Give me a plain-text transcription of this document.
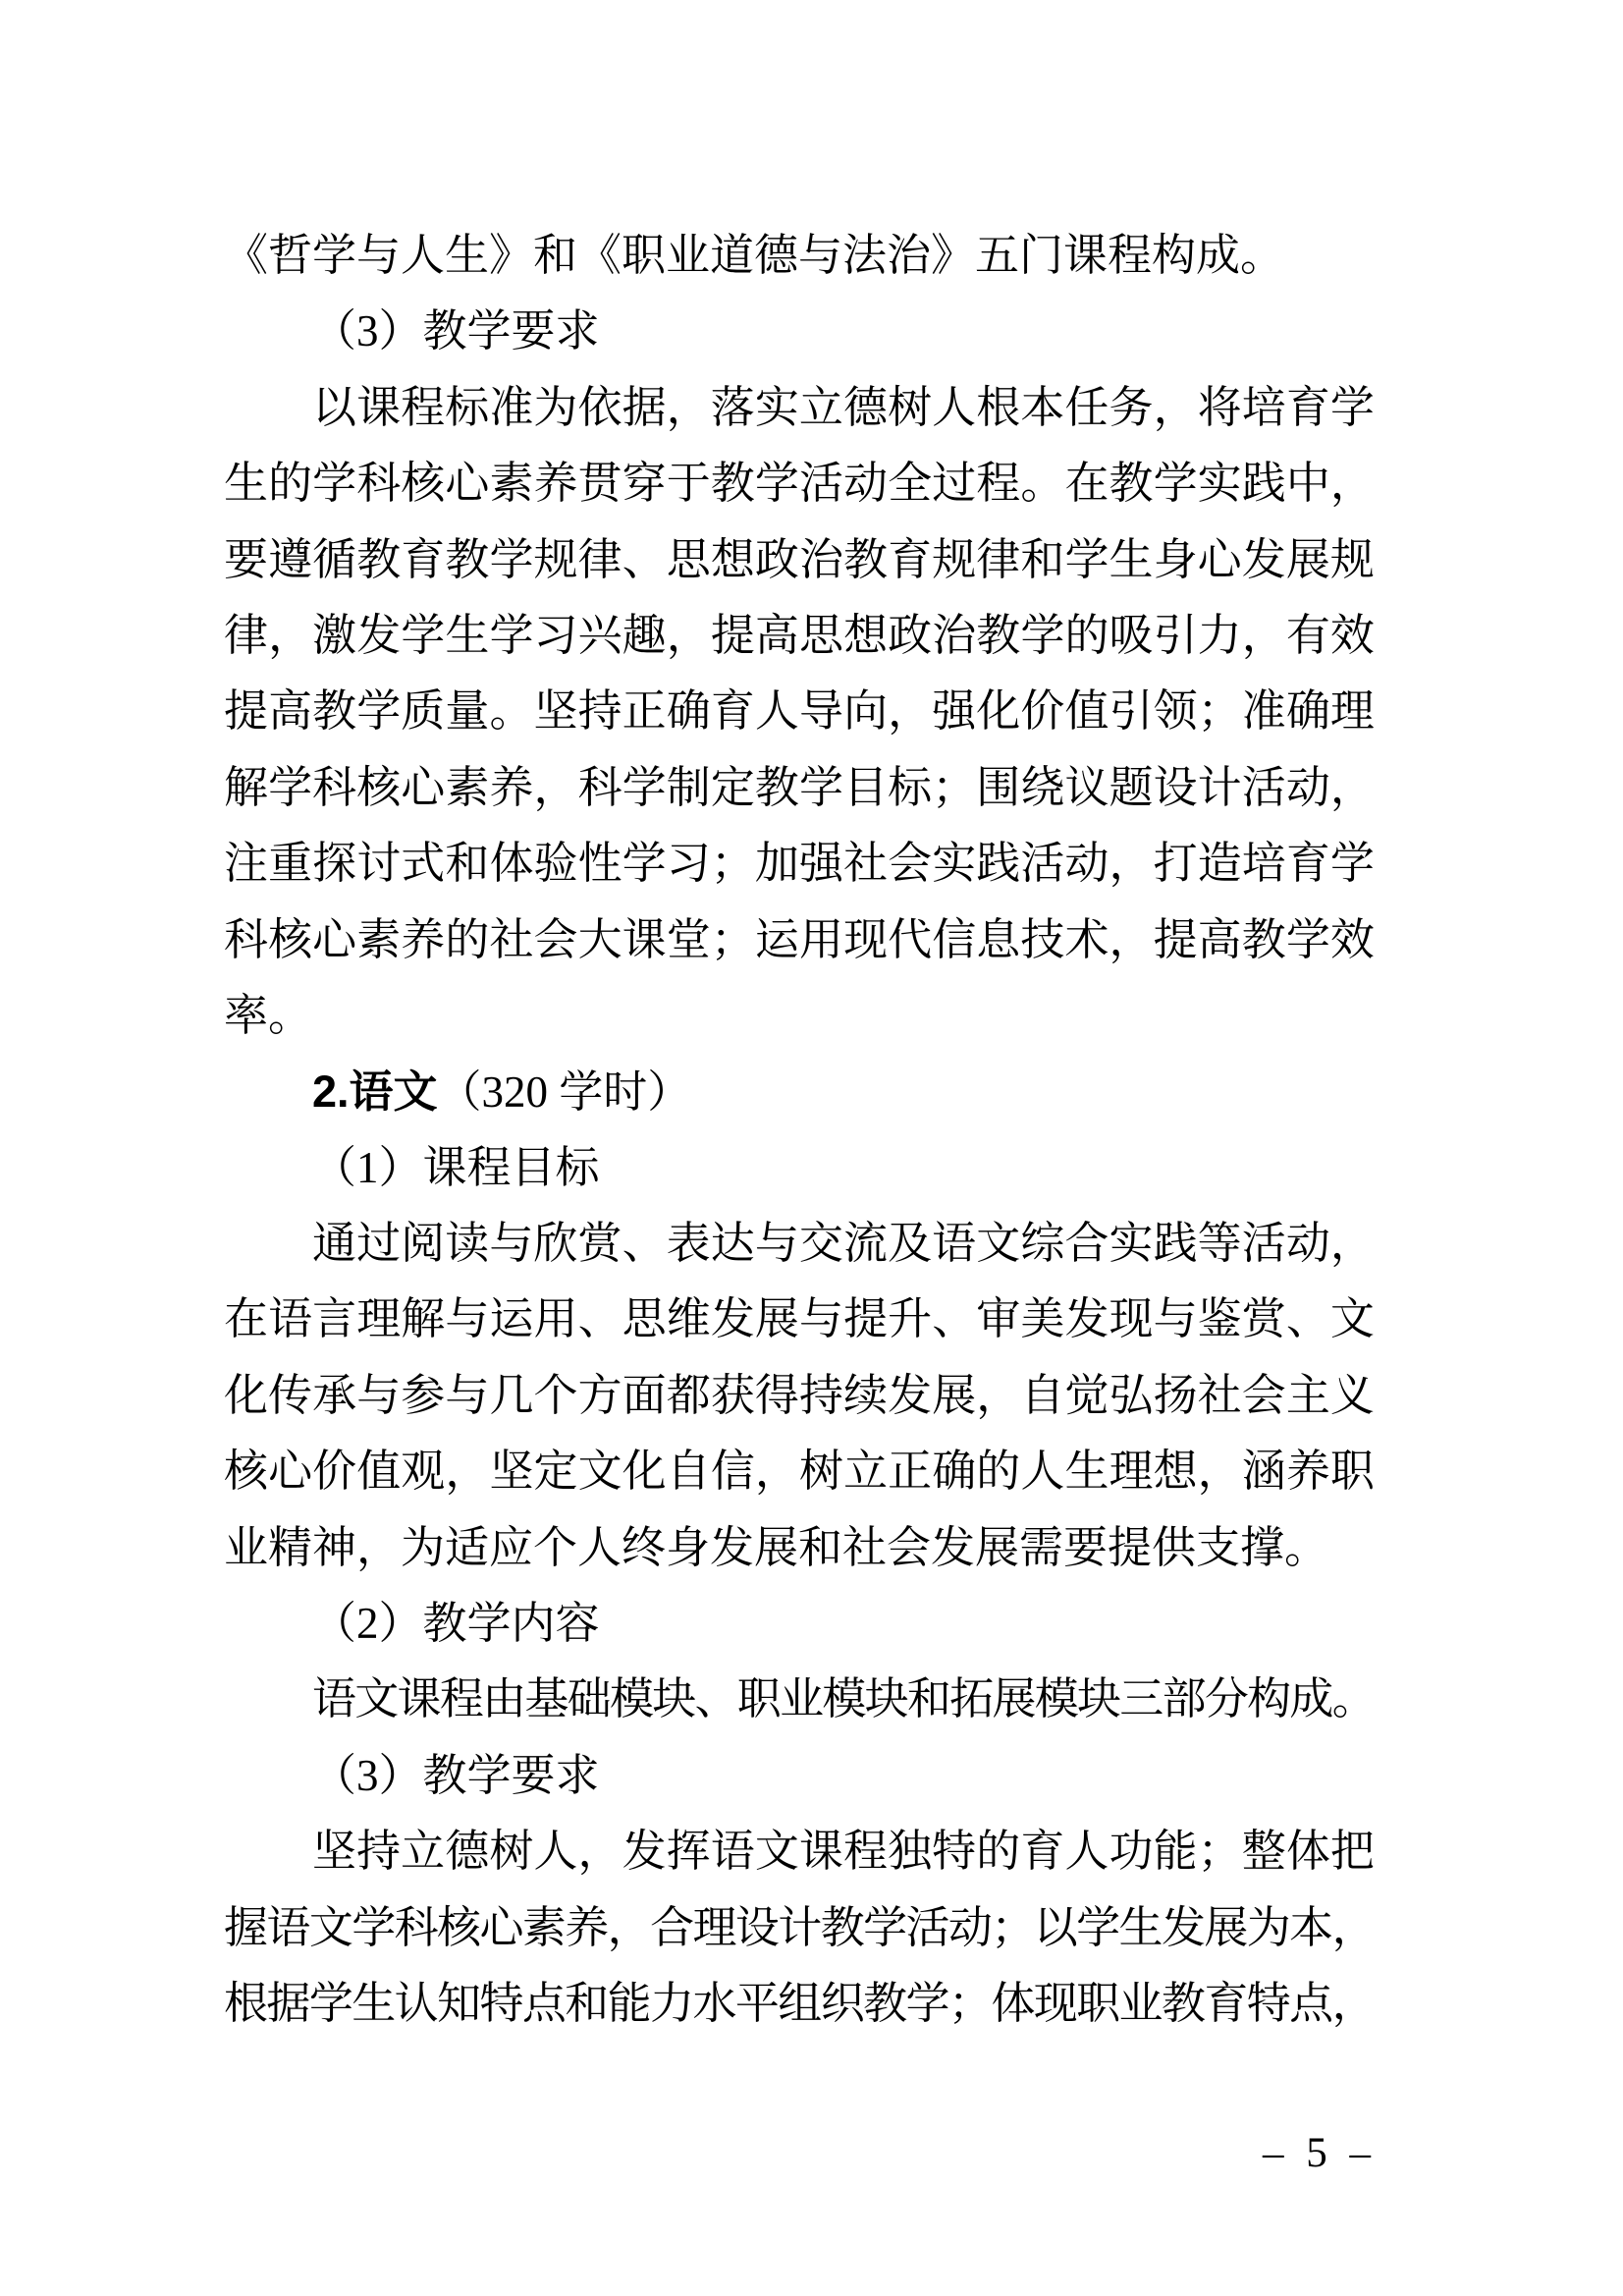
《哲学与人生》和《职业道德与法治》五门课程构成。
（3）教学要求
以课程标准为依据，落实立德树人根本任务，将培育学
生的学科核心素养贯穿于教学活动全过程。在教学实践中，
要遵循教育教学规律、思想政治教育规律和学生身心发展规
律，激发学生学习兴趣，提高思想政治教学的吸引力，有效
提高教学质量。坚持正确育人导向，强化价值引领；准确理
解学科核心素养，科学制定教学目标；围绕议题设计活动，
注重探讨式和体验性学习；加强社会实践活动，打造培育学
科核心素养的社会大课堂；运用现代信息技术，提高教学效
率。
2.语文（320 学时）
（1）课程目标
通过阅读与欣赏、表达与交流及语文综合实践等活动，
在语言理解与运用、思维发展与提升、审美发现与鉴赏、文
化传承与参与几个方面都获得持续发展，自觉弘扬社会主义
核心价值观，坚定文化自信，树立正确的人生理想，涵养职
业精神，为适应个人终身发展和社会发展需要提供支撑。
（2）教学内容
语文课程由基础模块、职业模块和拓展模块三部分构成。
（3）教学要求
坚持立德树人，发挥语文课程独特的育人功能；整体把
握语文学科核心素养，合理设计教学活动；以学生发展为本，
根据学生认知特点和能力水平组织教学；体现职业教育特点，
– 5 –
